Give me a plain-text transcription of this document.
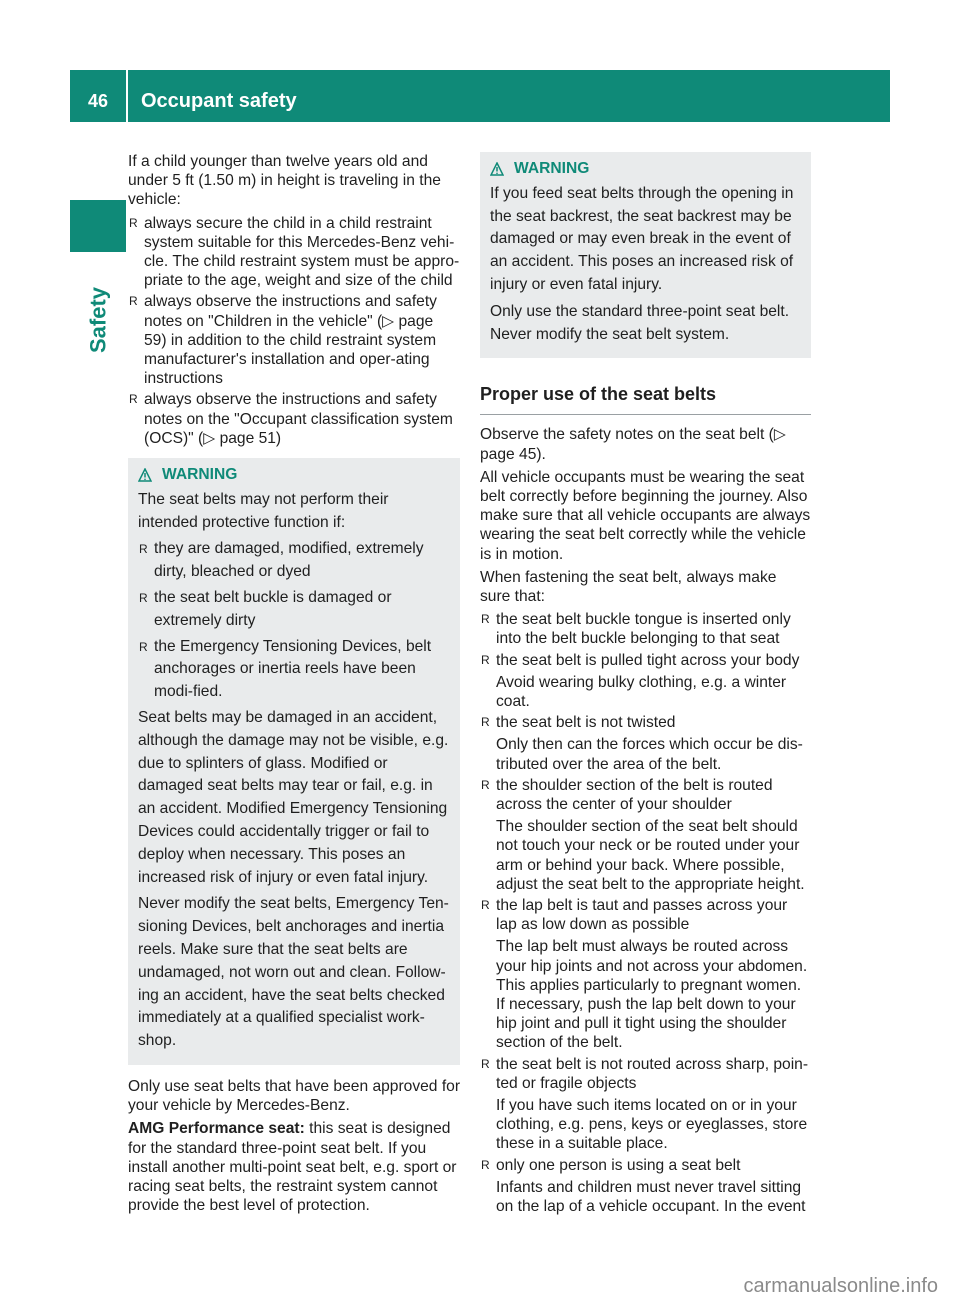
46	Occupant safety
Safety

If a child younger than twelve years old and under 5 ft (1.50 m) in height is traveling in the vehicle:

R always secure the child in a child restraint system suitable for this Mercedes-Benz vehi-cle. The child restraint system must be appro-priate to the age, weight and size of the child
R always observe the instructions and safety notes on "Children in the vehicle" (▷ page 59) in addition to the child restraint system manufacturer's installation and oper-ating instructions
R always observe the instructions and safety notes on the "Occupant classification system (OCS)" (▷ page 51)
WARNING

The seat belts may not perform their intended protective function if:

R they are damaged, modified, extremely dirty, bleached or dyed
R the seat belt buckle is damaged or extremely dirty
R the Emergency Tensioning Devices, belt anchorages or inertia reels have been modi-fied.

Seat belts may be damaged in an accident, although the damage may not be visible, e.g. due to splinters of glass. Modified or damaged seat belts may tear or fail, e.g. in an accident. Modified Emergency Tensioning Devices could accidentally trigger or fail to deploy when necessary. This poses an increased risk of injury or even fatal injury.

Never modify the seat belts, Emergency Ten-sioning Devices, belt anchorages and inertia reels. Make sure that the seat belts are undamaged, not worn out and clean. Follow-ing an accident, have the seat belts checked immediately at a qualified specialist work-shop.

Only use seat belts that have been approved for your vehicle by Mercedes-Benz.

AMG Performance seat: this seat is designed for the standard three-point seat belt. If you install another multi-point seat belt, e.g. sport or racing seat belts, the restraint system cannot provide the best level of protection.

WARNING

If you feed seat belts through the opening in the seat backrest, the seat backrest may be damaged or may even break in the event of an accident. This poses an increased risk of injury or even fatal injury.

Only use the standard three-point seat belt. Never modify the seat belt system.

Proper use of the seat belts

Observe the safety notes on the seat belt (▷ page 45).

All vehicle occupants must be wearing the seat belt correctly before beginning the journey. Also make sure that all vehicle occupants are always wearing the seat belt correctly while the vehicle is in motion.

When fastening the seat belt, always make sure that:

R the seat belt buckle tongue is inserted only into the belt buckle belonging to that seat
R the seat belt is pulled tight across your body
Avoid wearing bulky clothing, e.g. a winter coat.
R the seat belt is not twisted
Only then can the forces which occur be dis-tributed over the area of the belt.
R the shoulder section of the belt is routed across the center of your shoulder
The shoulder section of the seat belt should not touch your neck or be routed under your arm or behind your back. Where possible, adjust the seat belt to the appropriate height.
R the lap belt is taut and passes across your lap as low down as possible
The lap belt must always be routed across your hip joints and not across your abdomen. This applies particularly to pregnant women. If necessary, push the lap belt down to your hip joint and pull it tight using the shoulder section of the belt.
R the seat belt is not routed across sharp, poin-ted or fragile objects
If you have such items located on or in your clothing, e.g. pens, keys or eyeglasses, store these in a suitable place.
R only one person is using a seat belt
Infants and children must never travel sitting on the lap of a vehicle occupant. In the event
carmanualsonline.info
